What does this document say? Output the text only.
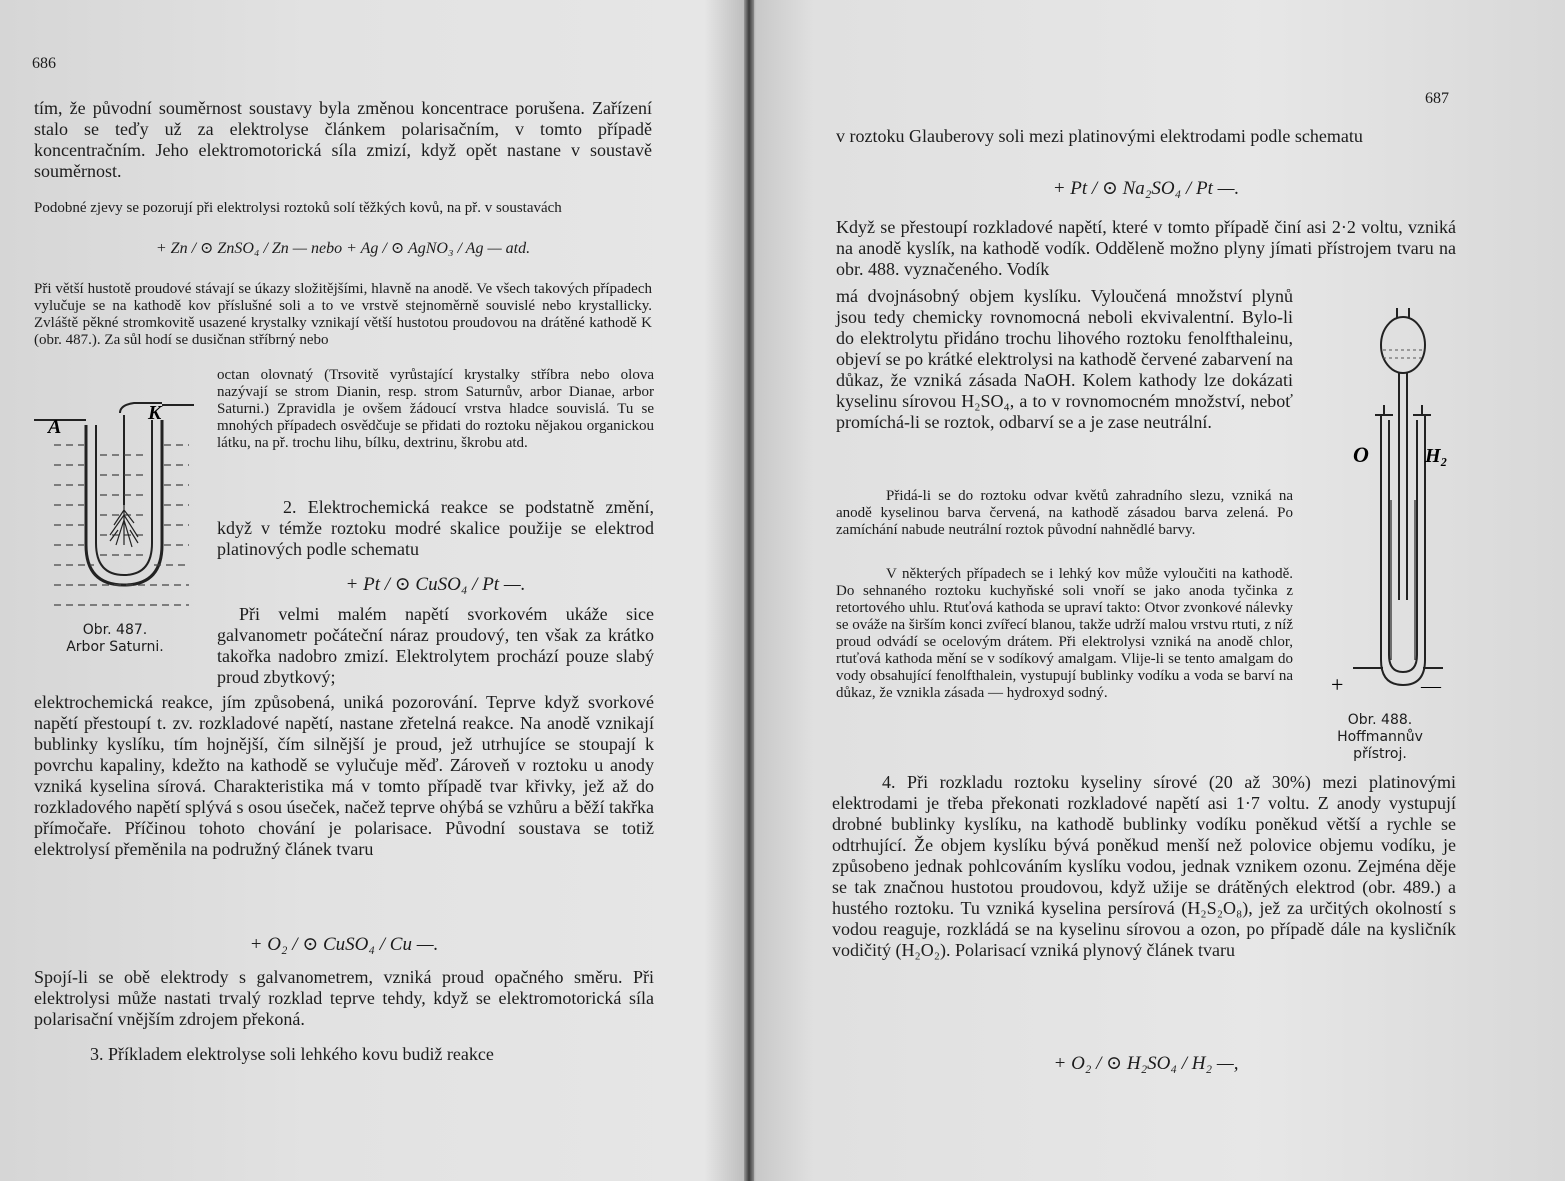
686

tím, že původní souměrnost soustavy byla změnou koncentrace porušena. Zařízení stalo se teďy už za elektrolyse článkem polarisačním, v tomto případě koncentračním. Jeho elektromotorická síla zmizí, když opět nastane v soustavě souměrnost.

Podobné zjevy se pozorují při elektrolysi roztoků solí těžkých kovů, na př. v soustavách

+ Zn / ⊙ ZnSO₄ / Zn — nebo + Ag / ⊙ AgNO₃ / Ag — atd.

Při větší hustotě proudové stávají se úkazy složitějšími, hlavně na anodě. Ve všech takových případech vylučuje se na kathodě kov příslušné soli a to ve vrstvě stejnoměrně souvislé nebo krystallicky. Zvláště pěkné stromkovitě usazené krystalky vznikají větší hustotou proudovou na drátěné kathodě K (obr. 487.). Za sůl hodí se dusičnan stříbrný nebo

octan olovnatý (Trsovitě vyrůstající krystalky stříbra nebo olova nazývají se strom Dianin, resp. strom Saturnův, arbor Dianae, arbor Saturni.) Zpravidla je ovšem žádoucí vrstva hladce souvislá. Tu se mnohých případech osvědčuje se přidati do roztoku nějakou organickou látku, na př. trochu lihu, bílku, dextrinu, škrobu atd.

A
K
Obr. 487.
Arbor Saturni.

2. Elektrochemická reakce se podstatně změní, když v témže roztoku modré skalice použije se elektrod platinových podle schematu

+ Pt / ⊙ CuSO₄ / Pt —.

Při velmi malém napětí svorkovém ukáže sice galvanometr počáteční náraz proudový, ten však za krátko takořka nadobro zmizí. Elektrolytem prochází pouze slabý proud zbytkový;

elektrochemická reakce, jím způsobená, uniká pozorování. Teprve když svorkové napětí přestoupí t. zv. rozkladové napětí, nastane zřetelná reakce. Na anodě vznikají bublinky kyslíku, tím hojnější, čím silnější je proud, jež utrhujíce se stoupají k povrchu kapaliny, kdežto na kathodě se vylučuje měď. Zároveň v roztoku u anody vzniká kyselina sírová. Charakteristika má v tomto případě tvar křivky, jež až do rozkladového napětí splývá s osou úseček, načež teprve ohýbá se vzhůru a běží takřka přímočaře. Příčinou tohoto chování je polarisace. Původní soustava se totiž elektrolysí přeměnila na podružný článek tvaru

+ O₂ / ⊙ CuSO₄ / Cu —.

Spojí-li se obě elektrody s galvanometrem, vzniká proud opačného směru. Při elektrolysi může nastati trvalý rozklad teprve tehdy, když se elektromotorická síla polarisační vnějším zdrojem překoná.

3. Příkladem elektrolyse soli lehkého kovu budiž reakce

687

v roztoku Glauberovy soli mezi platinovými elektrodami podle schematu

+ Pt / ⊙ Na₂SO₄ / Pt —.

Když se přestoupí rozkladové napětí, které v tomto případě činí asi 2·2 voltu, vzniká na anodě kyslík, na kathodě vodík. Odděleně možno plyny jímati přístrojem tvaru na obr. 488. vyznačeného. Vodík

má dvojnásobný objem kyslíku. Vyloučená množství plynů jsou tedy chemicky rovnomocná neboli ekvivalentní. Bylo-li do elektrolytu přidáno trochu lihového roztoku fenolfthaleinu, objeví se po krátké elektrolysi na kathodě červené zabarvení na důkaz, že vzniká zásada NaOH. Kolem kathody lze dokázati kyselinu sírovou H₂SO₄, a to v rovnomocném množství, neboť promíchá-li se roztok, odbarví se a je zase neutrální.

Přidá-li se do roztoku odvar květů zahradního slezu, vzniká na anodě kyselinou barva červená, na kathodě zásadou barva zelená. Po zamíchání nabude neutrální roztok původní nahnědlé barvy.

V některých případech se i lehký kov může vyloučiti na kathodě. Do sehnaného roztoku kuchyňské soli vnoří se jako anoda tyčinka z retortového uhlu. Rtuťová kathoda se upraví takto: Otvor zvonkové nálevky se ováže na širším konci zvířecí blanou, takže udrží malou vrstvu rtuti, z níž proud odvádí se ocelovým drátem. Při elektrolysi vzniká na anodě chlor, rtuťová kathoda mění se v sodíkový amalgam. Vlije-li se tento amalgam do vody obsahující fenolfthalein, vystupují bublinky vodíku a voda se barví na důkaz, že vznikla zásada — hydroxyd sodný.

O	H₂
+	—
Obr. 488.
Hoffmannův
přístroj.

4. Při rozkladu roztoku kyseliny sírové (20 až 30%) mezi platinovými elektrodami je třeba překonati rozkladové napětí asi 1·7 voltu. Z anody vystupují drobné bublinky kyslíku, na kathodě bublinky vodíku poněkud větší a rychle se odtrhující. Že objem kyslíku bývá poněkud menší než polovice objemu vodíku, je způsobeno jednak pohlcováním kyslíku vodou, jednak vznikem ozonu. Zejména děje se tak značnou hustotou proudovou, když užije se drátěných elektrod (obr. 489.) a hustého roztoku. Tu vzniká kyselina persírová (H₂S₂O₈), jež za určitých okolností s vodou reaguje, rozkládá se na kyselinu sírovou a ozon, po případě dále na kysličník vodičitý (H₂O₂). Polarisací vzniká plynový článek tvaru

+ O₂ / ⊙ H₂SO₄ / H₂ —,
